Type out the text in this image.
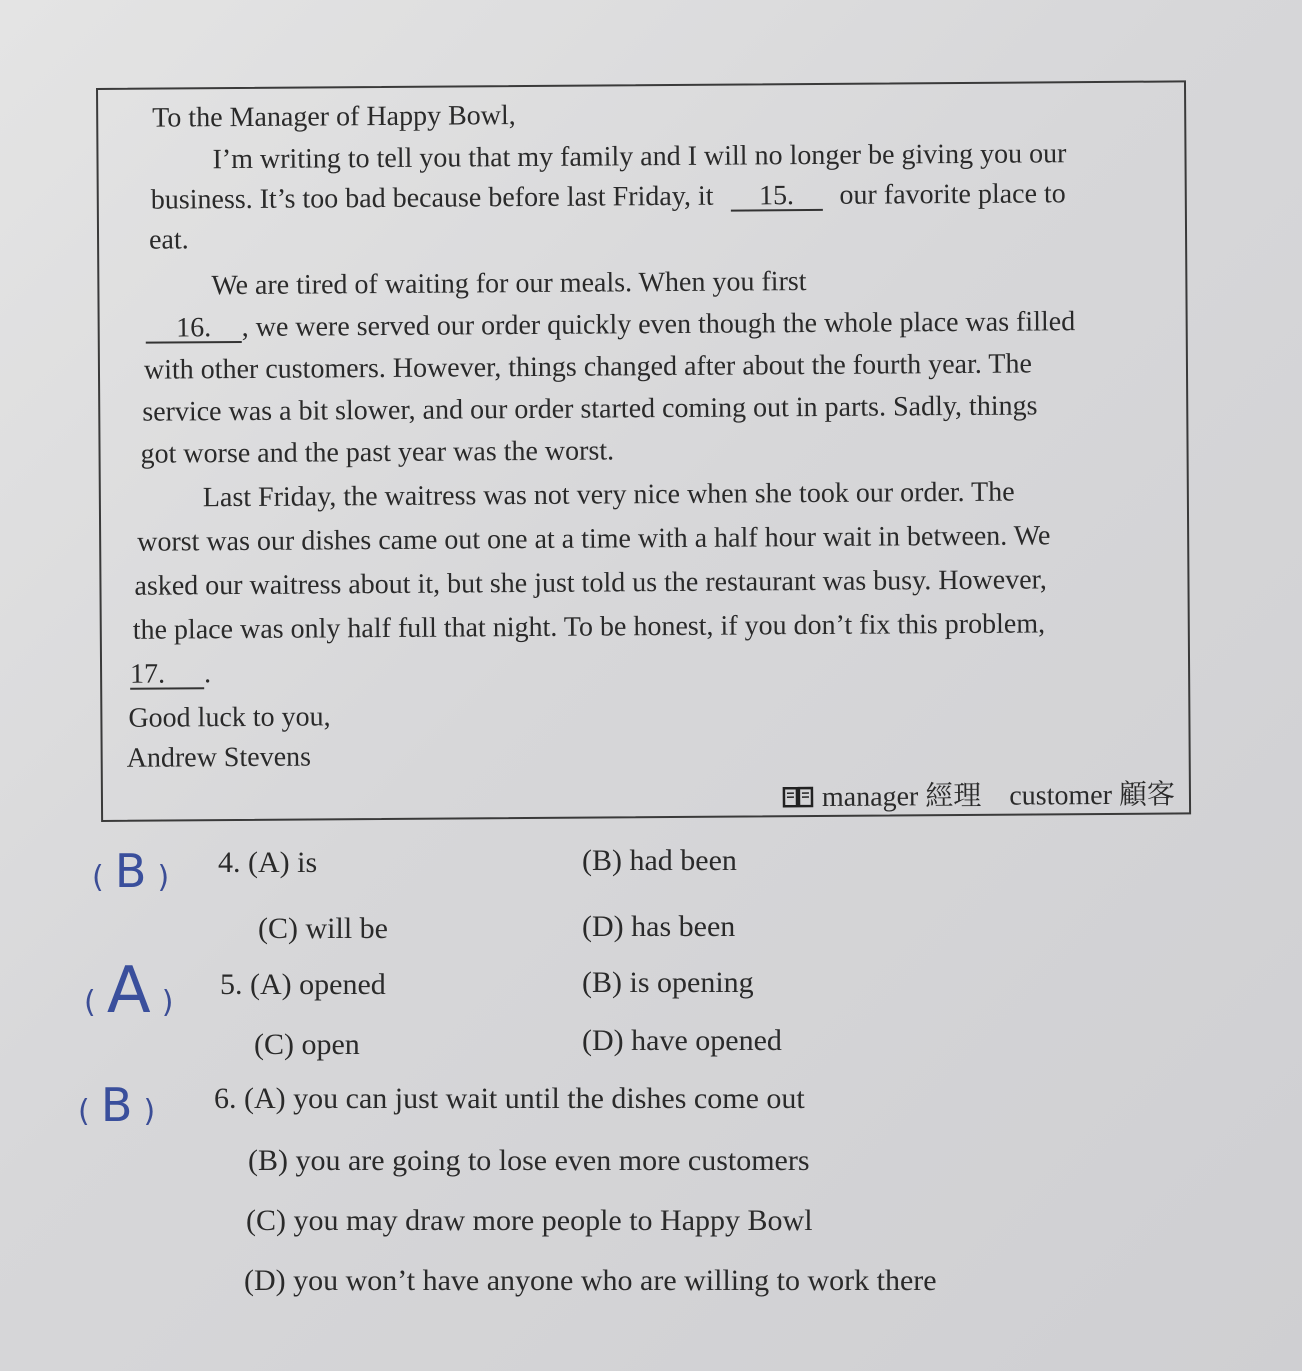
To the Manager of Happy Bowl,
I’m writing to tell you that my family and I will no longer be giving you our
business. It’s too bad because before last Friday, it 15. our favorite place to
eat.
We are tired of waiting for our meals. When you first
16. , we were served our order quickly even though the whole place was filled
with other customers. However, things changed after about the fourth year. The
service was a bit slower, and our order started coming out in parts. Sadly, things
got worse and the past year was the worst.
Last Friday, the waitress was not very nice when she took our order. The
worst was our dishes came out one at a time with a half hour wait in between. We
asked our waitress about it, but she just told us the restaurant was busy. However,
the place was only half full that night. To be honest, if you don’t fix this problem,
17. .
Good luck to you,
Andrew Stevens
manager 經理　customer 顧客
( B ) 4. (A) is	(B) had been
(C) will be	(D) has been
( A )
5. (A) opened	(B) is opening
(C) open	(D) have opened
( B ) 6. (A) you can just wait until the dishes come out
(B) you are going to lose even more customers
(C) you may draw more people to Happy Bowl
(D) you won’t have anyone who are willing to work there
